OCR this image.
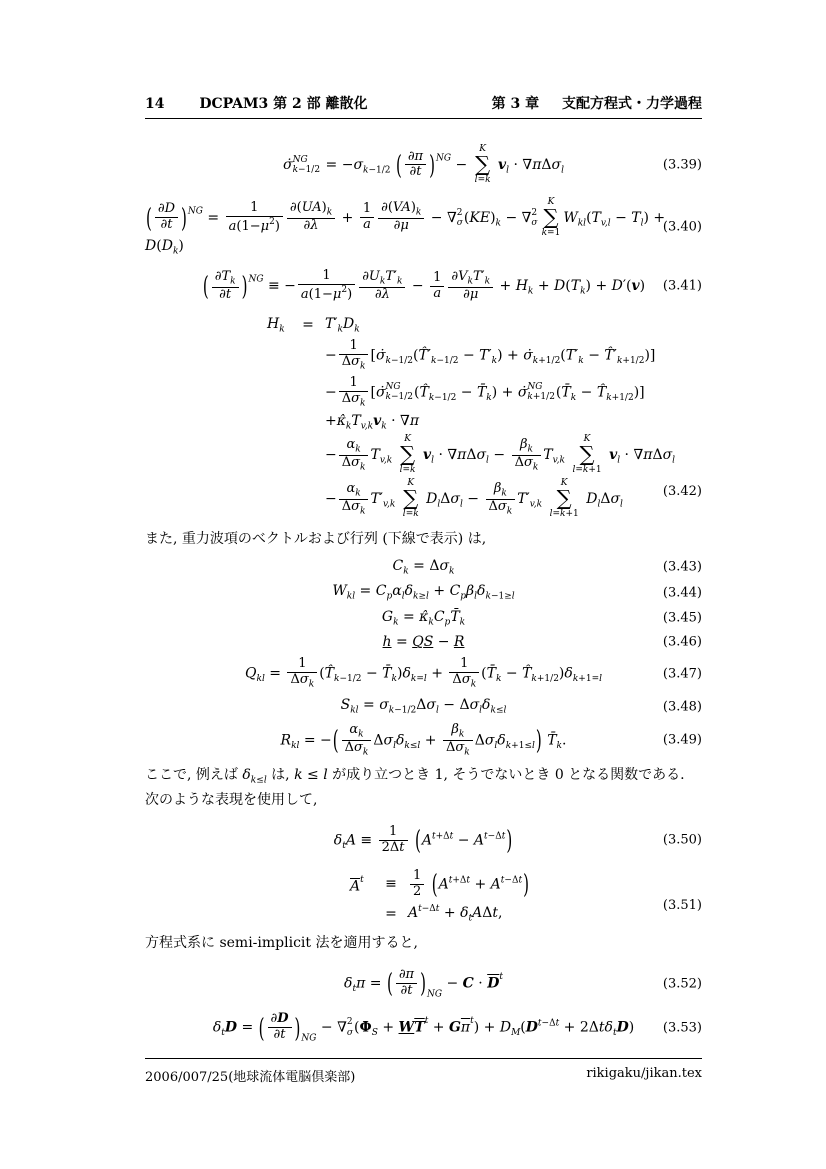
14 DCPAM3 第 2 部 離散化	第 3 章 支配方程式・力学過程
σ̇ NG
$k-1/2 = -\sigma_{k-1/2}$ ( $\frac{\partial\pi}{\partial t} )^{NG}$ −
K
∑
l=k
$v_l \cdot \nabla\pi\Delta\sigma_l$	(3.39)
( $\frac{\partial D}{\partial t} )^{NG} = \frac{1}{a(1-\mu^2)} \frac{\partial(UA)_k}{\partial\lambda} + \frac{1}{a} \frac{\partial(VA)_k}{\partial\mu}$ − ∇ 2
σ $(KE)_k$ − ∇ 2
σ
K
∑
k=1
$W_{kl}(T_{v,l} - T_l) + D(D_k)$
(3.40)
( $\frac{\partial T_k}{\partial t} )^{NG}$ ≡ − $\frac{1}{a(1-\mu^2)} \partial U_kT'_k$
∂λ	− $\frac{1}{a} \partial V_kT'_k$
∂μ	+ $H_k + D(T_k) + D'(v)$ (3.41)
$H_k$	= $T'_kD_k$
−
1
$\Delta\sigma_k$
[$\sigmȧ_{k-1/2}(T̂'_{k-1/2} - T'_k)$ + $\sigmȧ_{k+1/2}(T'_k$ − $T̂'_{k+1/2}$)]
−
1
$\Delta\sigma_k$
[σ̇ NG
k−1/2 ($T̂_{k-1/2}$ − $T̄_k$) + σ̇ NG
k+1/2 ($T̄_k$ − $T̂_{k+1/2}$)]
$+\kappâ_kT_{v,k}v_k \cdot \nabla\pi$
−
$\alpha_k$
$\Delta\sigma_k$
$T_{v,k}$
K
∑
l=k
$v_l \cdot \nabla\pi\Delta\sigma_l$ −
$\beta_k$
$\Delta\sigma_k$
$T_{v,k}$
K
∑
l=k+1
$v_l \cdot \nabla\pi\Delta\sigma_l$
−
$\alpha_k$
$\Delta\sigma_k$
$T'_{v,k}$
K
∑
l=k
$D_l\Delta\sigma_l$ −
$\beta_k$
$\Delta\sigma_k$
$T'_{v,k}$
K
∑
l=k+1
$D_l\Delta\sigma_l$
(3.42)

また, 重力波項のベクトルおよび行列 (下線で表示) は,

$C_k = \Delta\sigma_k$	(3.43)
$W_{kl} = C_p\alpha_l\delta_{k\ge l} + C_p\beta_l\delta_{k-1\ge l}$	(3.44)
$G_k$ = $\kappâ_kC_pT̄_k$	(3.45)
h = QS − R	(3.46)
$Q_{kl}$ =
1
$\Delta\sigma_k$
($T̂_{k-1/2}$ − $T̄_k)\delta_{k=l}$ +
1
$\Delta\sigma_k$
($T̄_k$ − $T̂_{k+1/2})\delta_{k+1=l}$	(3.47)
$S_{kl} = \sigma_{k-1/2}\Delta\sigma_l - \Delta\sigma_l\delta_{k\le l}$	(3.48)
$R_{kl}$ = −( $\alpha_k$
$\Delta\sigma_k$
$\Delta\sigma_l\delta_{k\le l}$ +
$\beta_k$
$\Delta\sigma_k$
$\Delta\sigma_l\delta_{k+1\le l}$) $T̄_k$.	(3.49)

ここで, 例えば $\delta_{k\le l}$ は, k ≤ l が成り立つとき 1, そうでないとき 0 となる関数である.

次のような表現を使用して,

$\delta_tA \equiv \frac{1}{2\Delta t} (A^{t+\Delta t} - A^{t-\Delta t})$	(3.50)
$\overline{A}^t$	≡	$\frac{1}{2} (A^{t+\Delta t} + A^{t-\Delta t})$
= $A^{t-\Delta t} + \delta_tA\Delta t$,	(3.51)

方程式系に semi-implicit 法を適用すると,

$\delta_t\pi$ = ( $\frac{\partial\pi}{\partial t} )_{NG} - C \cdot \overline{D}^t$	(3.52)
$\delta_tD$ = ( $\frac{\partial D}{\partial t} )_{NG}$ − ∇ 2
σ $(\Phi_S + W\overline{T}^t + G\overline{\pi}^t) + D_M(D^{t-\Delta t} + 2\Delta t\delta_tD)$ (3.53)
2006/007/25(地球流体電脳倶楽部)	rikigaku/jikan.tex
